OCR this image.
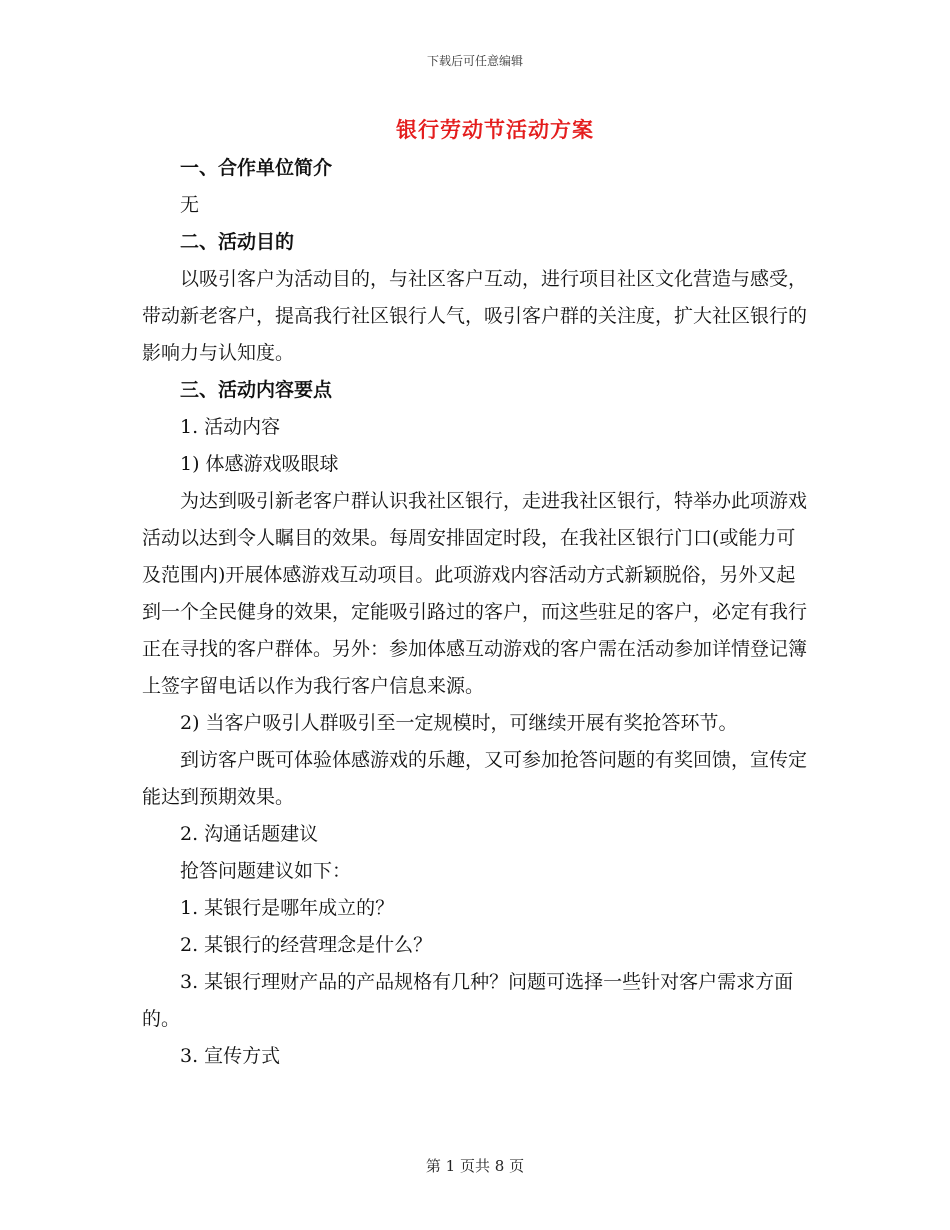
下载后可任意编辑
银行劳动节活动方案

一、合作单位简介

无

二、活动目的

以吸引客户为活动目的，与社区客户互动，进行项目社区文化营造与感受，带动新老客户，提高我行社区银行人气，吸引客户群的关注度，扩大社区银行的影响力与认知度。

三、活动内容要点

1. 活动内容

1) 体感游戏吸眼球

为达到吸引新老客户群认识我社区银行，走进我社区银行，特举办此项游戏活动以达到令人瞩目的效果。每周安排固定时段，在我社区银行门口(或能力可及范围内)开展体感游戏互动项目。此项游戏内容活动方式新颖脱俗，另外又起到一个全民健身的效果，定能吸引路过的客户，而这些驻足的客户，必定有我行正在寻找的客户群体。另外：参加体感互动游戏的客户需在活动参加详情登记簿上签字留电话以作为我行客户信息来源。

2) 当客户吸引人群吸引至一定规模时，可继续开展有奖抢答环节。

到访客户既可体验体感游戏的乐趣，又可参加抢答问题的有奖回馈，宣传定能达到预期效果。

2. 沟通话题建议

抢答问题建议如下：

1. 某银行是哪年成立的？

2. 某银行的经营理念是什么？

3. 某银行理财产品的产品规格有几种？问题可选择一些针对客户需求方面的。

3. 宣传方式

第 1 页共 8 页
